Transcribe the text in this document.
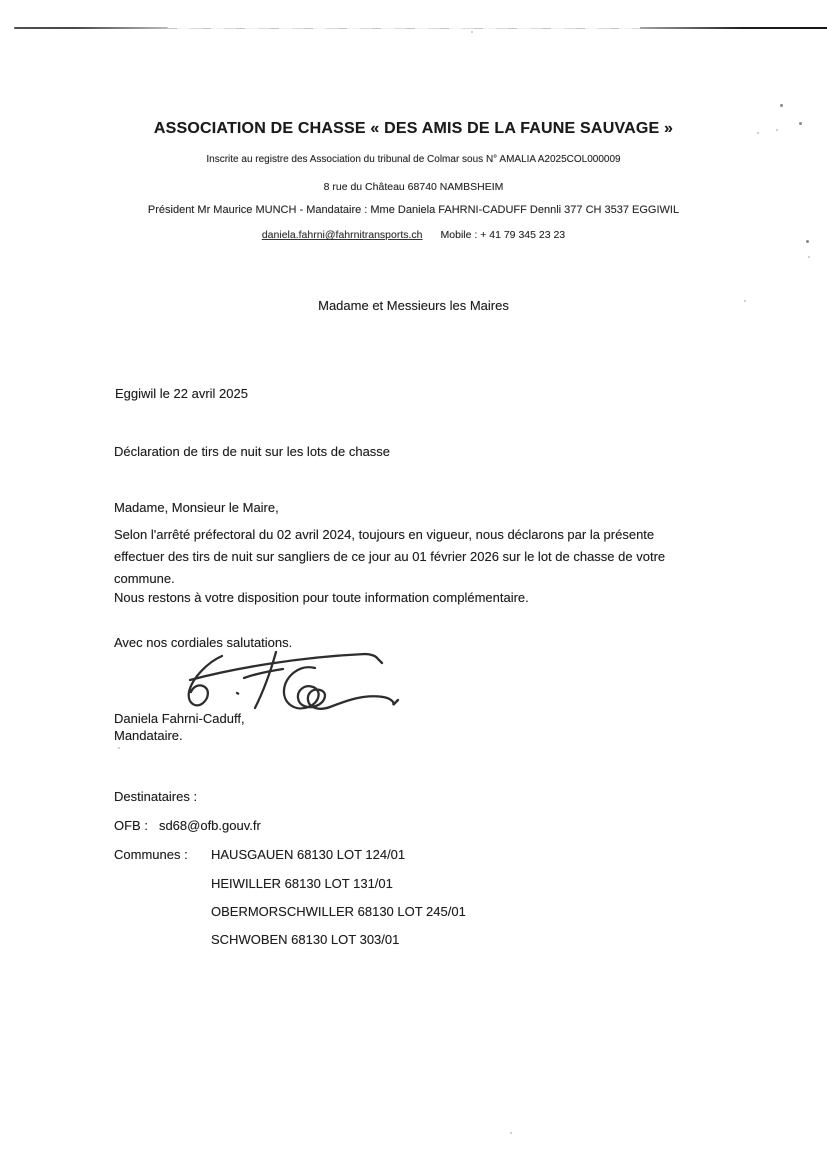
ASSOCIATION DE CHASSE « DES AMIS DE LA FAUNE SAUVAGE »
Inscrite au registre des Association du tribunal de Colmar sous N° AMALIA A2025COL000009
8 rue du Château 68740 NAMBSHEIM
Président Mr Maurice MUNCH - Mandataire : Mme Daniela FAHRNI-CADUFF Dennli 377 CH 3537 EGGIWIL
daniela.fahrni@fahrnitransports.ch Mobile : + 41 79 345 23 23
Madame et Messieurs les Maires
Eggiwil le 22 avril 2025
Déclaration de tirs de nuit sur les lots de chasse
Madame, Monsieur le Maire,
Selon l'arrêté préfectoral du 02 avril 2024, toujours en vigueur, nous déclarons par la présente
effectuer des tirs de nuit sur sangliers de ce jour au 01 février 2026 sur le lot de chasse de votre
commune.
Nous restons à votre disposition pour toute information complémentaire.
Avec nos cordiales salutations.
Daniela Fahrni-Caduff,
Mandataire.
Destinataires :
OFB : sd68@ofb.gouv.fr
Communes : HAUSGAUEN 68130 LOT 124/01
HEIWILLER 68130 LOT 131/01
OBERMORSCHWILLER 68130 LOT 245/01
SCHWOBEN 68130 LOT 303/01
